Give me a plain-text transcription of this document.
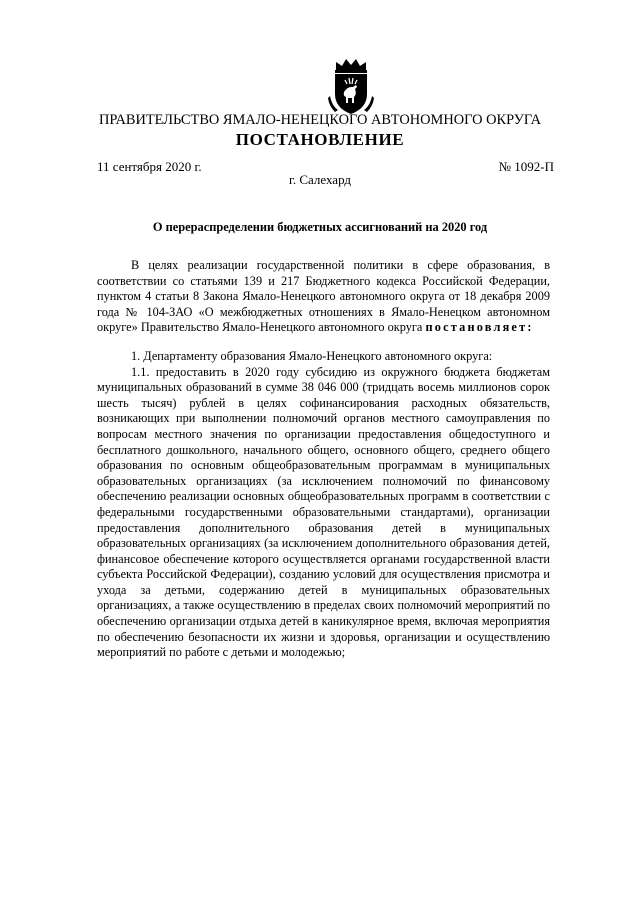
ПРАВИТЕЛЬСТВО ЯМАЛО-НЕНЕЦКОГО АВТОНОМНОГО ОКРУГА
ПОСТАНОВЛЕНИЕ
11 сентября 2020 г.	№ 1092-П
г. Салехард
О перераспределении бюджетных ассигнований на 2020 год

В целях реализации государственной политики в сфере образования, в соответствии со статьями 139 и 217 Бюджетного кодекса Российской Федерации, пунктом 4 статьи 8 Закона Ямало-Ненецкого автономного округа от 18 декабря 2009 года № 104-ЗАО «О межбюджетных отношениях в Ямало-Ненецком автономном округе» Правительство Ямало-Ненецкого автономного округа постановляет:

1. Департаменту образования Ямало-Ненецкого автономного округа:

1.1. предоставить в 2020 году субсидию из окружного бюджета бюджетам муниципальных образований в сумме 38 046 000 (тридцать восемь миллионов сорок шесть тысяч) рублей в целях софинансирования расходных обязательств, возникающих при выполнении полномочий органов местного самоуправления по вопросам местного значения по организации предоставления общедоступного и бесплатного дошкольного, начального общего, основного общего, среднего общего образования по основным общеобразовательным программам в муниципальных образовательных организациях (за исключением полномочий по финансовому обеспечению реализации основных общеобразовательных программ в соответствии с федеральными государственными образовательными стандартами), организации предоставления дополнительного образования детей в муниципальных образовательных организациях (за исключением дополнительного образования детей, финансовое обеспечение которого осуществляется органами государственной власти субъекта Российской Федерации), созданию условий для осуществления присмотра и ухода за детьми, содержанию детей в муниципальных образовательных организациях, а также осуществлению в пределах своих полномочий мероприятий по обеспечению организации отдыха детей в каникулярное время, включая мероприятия по обеспечению безопасности их жизни и здоровья, организации и осуществлению мероприятий по работе с детьми и молодежью;
